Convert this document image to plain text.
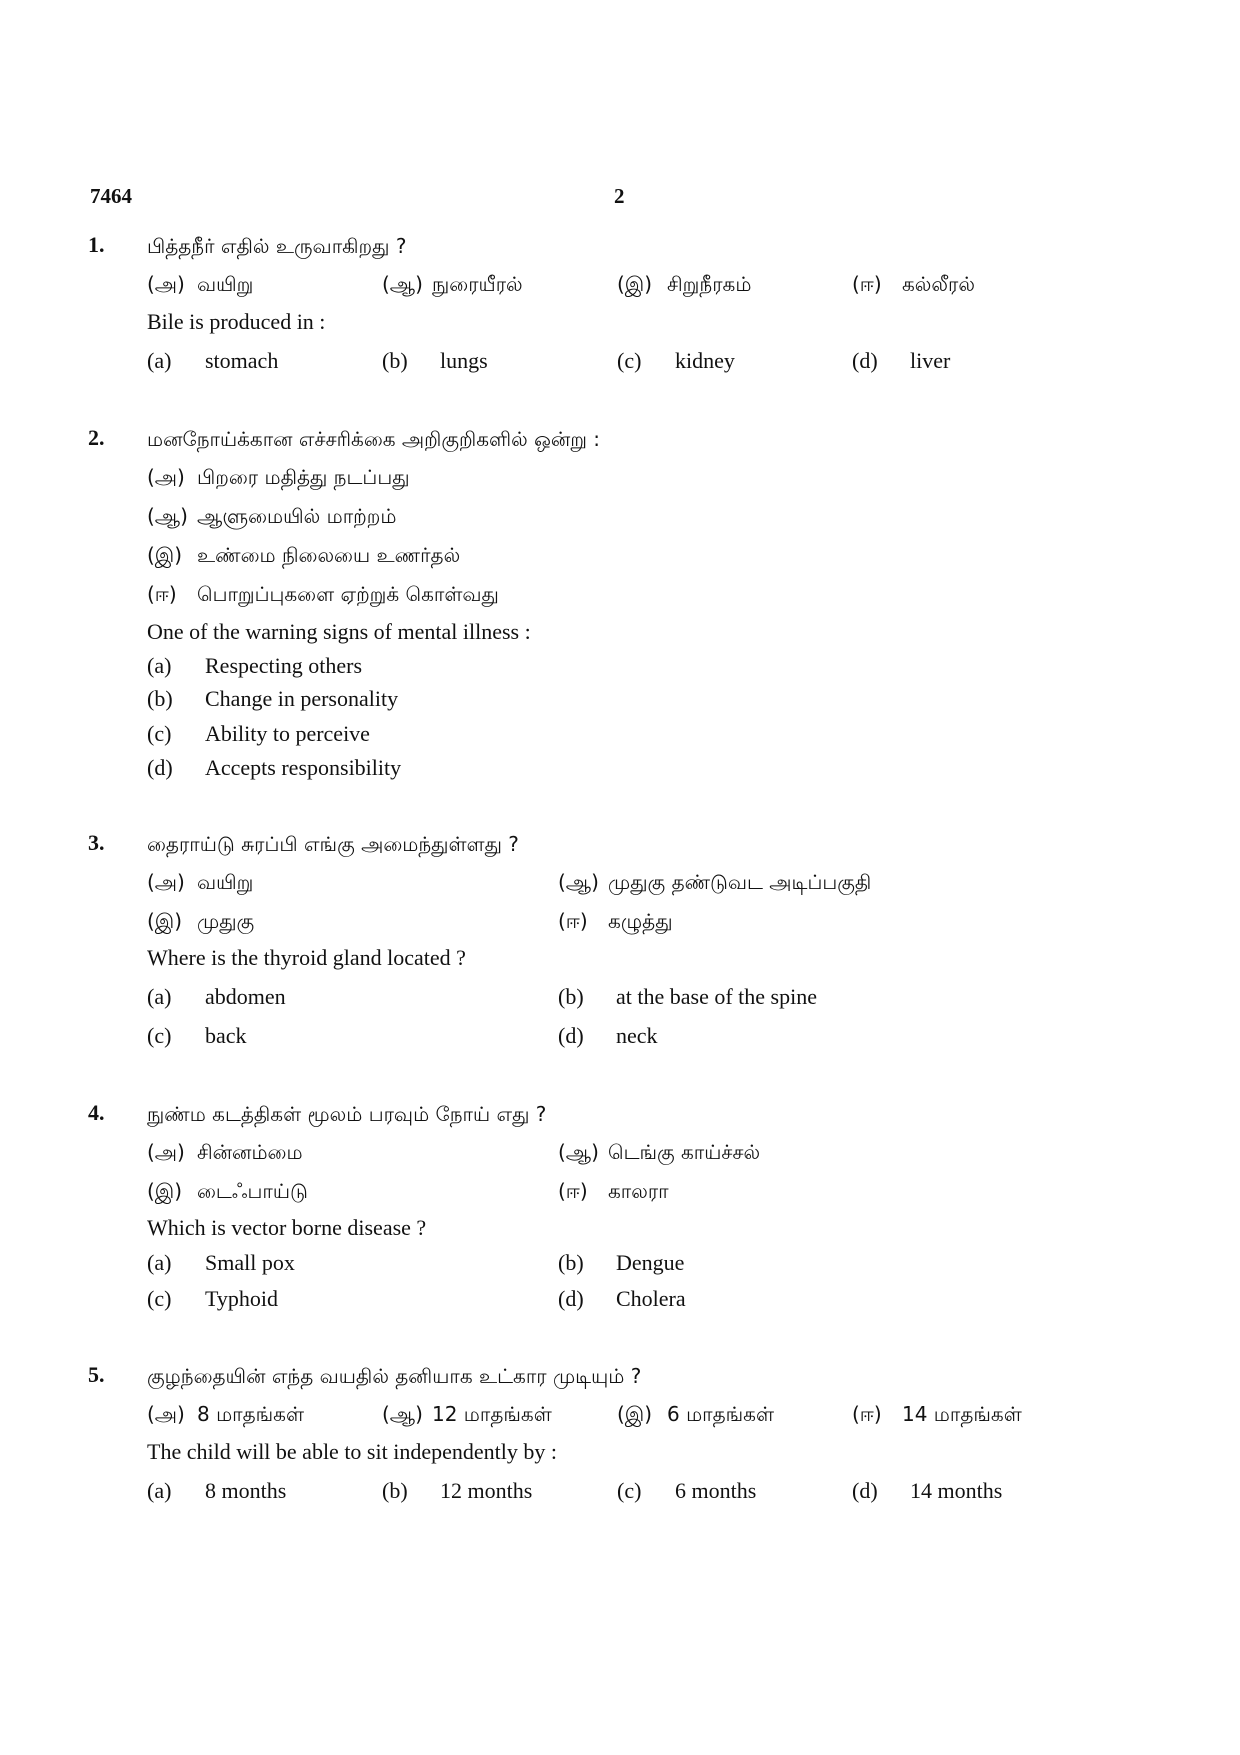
7464	2
1. பித்தநீர் எதில் உருவாகிறது ?
(அ) வயிறு	(ஆ) நுரையீரல்	(இ) சிறுநீரகம்	(ஈ) கல்லீரல்
Bile is produced in :
(a) stomach	(b) lungs	(c) kidney	(d) liver
2. மனநோய்க்கான எச்சரிக்கை அறிகுறிகளில் ஒன்று :
(அ) பிறரை மதித்து நடப்பது
(ஆ) ஆளுமையில் மாற்றம்
(இ) உண்மை நிலையை உணர்தல்
(ஈ) பொறுப்புகளை ஏற்றுக் கொள்வது
One of the warning signs of mental illness :
(a) Respecting others
(b) Change in personality
(c) Ability to perceive
(d) Accepts responsibility
3. தைராய்டு சுரப்பி எங்கு அமைந்துள்ளது ?
(அ) வயிறு	(ஆ) முதுகு தண்டுவட அடிப்பகுதி
(இ) முதுகு	(ஈ) கழுத்து
Where is the thyroid gland located ?
(a) abdomen	(b) at the base of the spine
(c) back	(d) neck
4. நுண்ம கடத்திகள் மூலம் பரவும் நோய் எது ?
(அ) சின்னம்மை	(ஆ) டெங்கு காய்ச்சல்
(இ) டைஃபாய்டு	(ஈ) காலரா
Which is vector borne disease ?
(a) Small pox	(b) Dengue
(c) Typhoid	(d) Cholera
5. குழந்தையின் எந்த வயதில் தனியாக உட்கார முடியும் ?
(அ) 8 மாதங்கள்	(ஆ) 12 மாதங்கள்	(இ) 6 மாதங்கள்	(ஈ) 14 மாதங்கள்
The child will be able to sit independently by :
(a) 8 months	(b) 12 months	(c) 6 months	(d) 14 months
